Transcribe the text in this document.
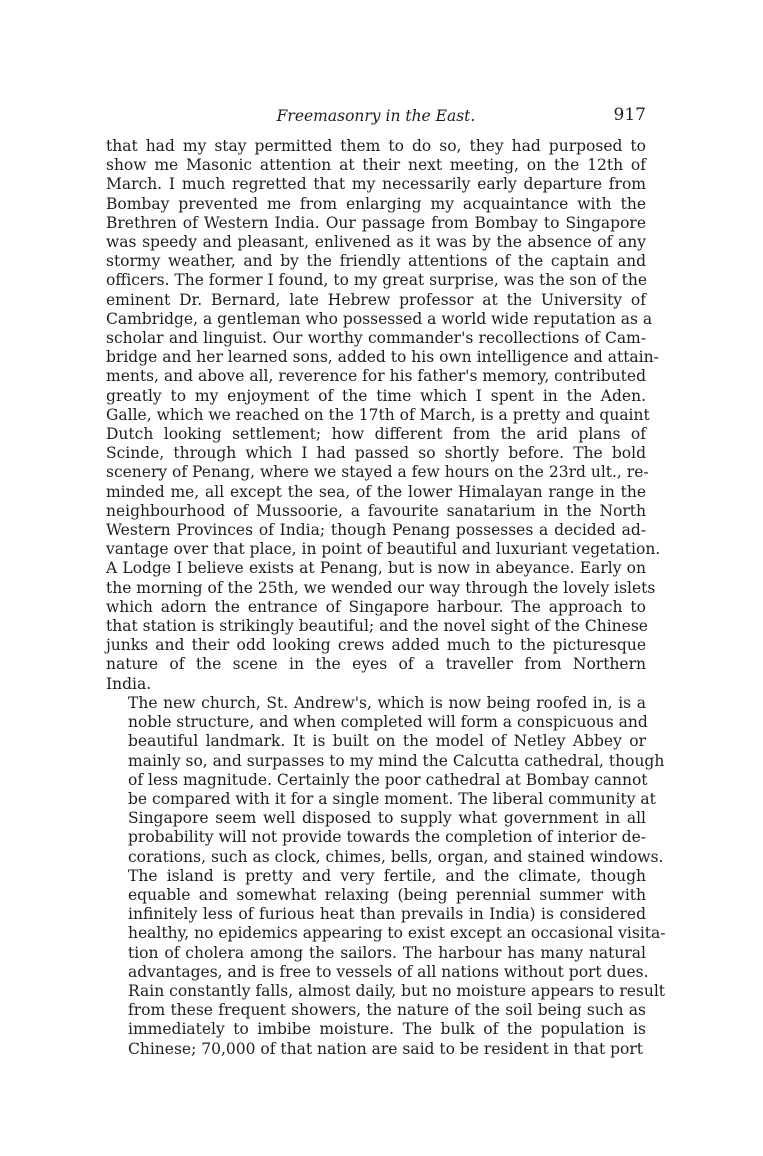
Freemasonry in the East.	917

that had my stay permitted them to do so, they had purposed to
show me Masonic attention at their next meeting, on the 12th of
March. I much regretted that my necessarily early departure from
Bombay prevented me from enlarging my acquaintance with the
Brethren of Western India. Our passage from Bombay to Singapore
was speedy and pleasant, enlivened as it was by the absence of any
stormy weather, and by the friendly attentions of the captain and
officers. The former I found, to my great surprise, was the son of the
eminent Dr. Bernard, late Hebrew professor at the University of
Cambridge, a gentleman who possessed a world wide reputation as a
scholar and linguist. Our worthy commander's recollections of Cam-
bridge and her learned sons, added to his own intelligence and attain-
ments, and above all, reverence for his father's memory, contributed
greatly to my enjoyment of the time which I spent in the Aden.
Galle, which we reached on the 17th of March, is a pretty and quaint
Dutch looking settlement; how different from the arid plans of
Scinde, through which I had passed so shortly before. The bold
scenery of Penang, where we stayed a few hours on the 23rd ult., re-
minded me, all except the sea, of the lower Himalayan range in the
neighbourhood of Mussoorie, a favourite sanatarium in the North
Western Provinces of India; though Penang possesses a decided ad-
vantage over that place, in point of beautiful and luxuriant vegetation.
A Lodge I believe exists at Penang, but is now in abeyance. Early on
the morning of the 25th, we wended our way through the lovely islets
which adorn the entrance of Singapore harbour. The approach to
that station is strikingly beautiful; and the novel sight of the Chinese
junks and their odd looking crews added much to the picturesque
nature of the scene in the eyes of a traveller from Northern
India.

The new church, St. Andrew's, which is now being roofed in, is a
noble structure, and when completed will form a conspicuous and
beautiful landmark. It is built on the model of Netley Abbey or
mainly so, and surpasses to my mind the Calcutta cathedral, though
of less magnitude. Certainly the poor cathedral at Bombay cannot
be compared with it for a single moment. The liberal community at
Singapore seem well disposed to supply what government in all
probability will not provide towards the completion of interior de-
corations, such as clock, chimes, bells, organ, and stained windows.
The island is pretty and very fertile, and the climate, though
equable and somewhat relaxing (being perennial summer with
infinitely less of furious heat than prevails in India) is considered
healthy, no epidemics appearing to exist except an occasional visita-
tion of cholera among the sailors. The harbour has many natural
advantages, and is free to vessels of all nations without port dues.
Rain constantly falls, almost daily, but no moisture appears to result
from these frequent showers, the nature of the soil being such as
immediately to imbibe moisture. The bulk of the population is
Chinese; 70,000 of that nation are said to be resident in that port
